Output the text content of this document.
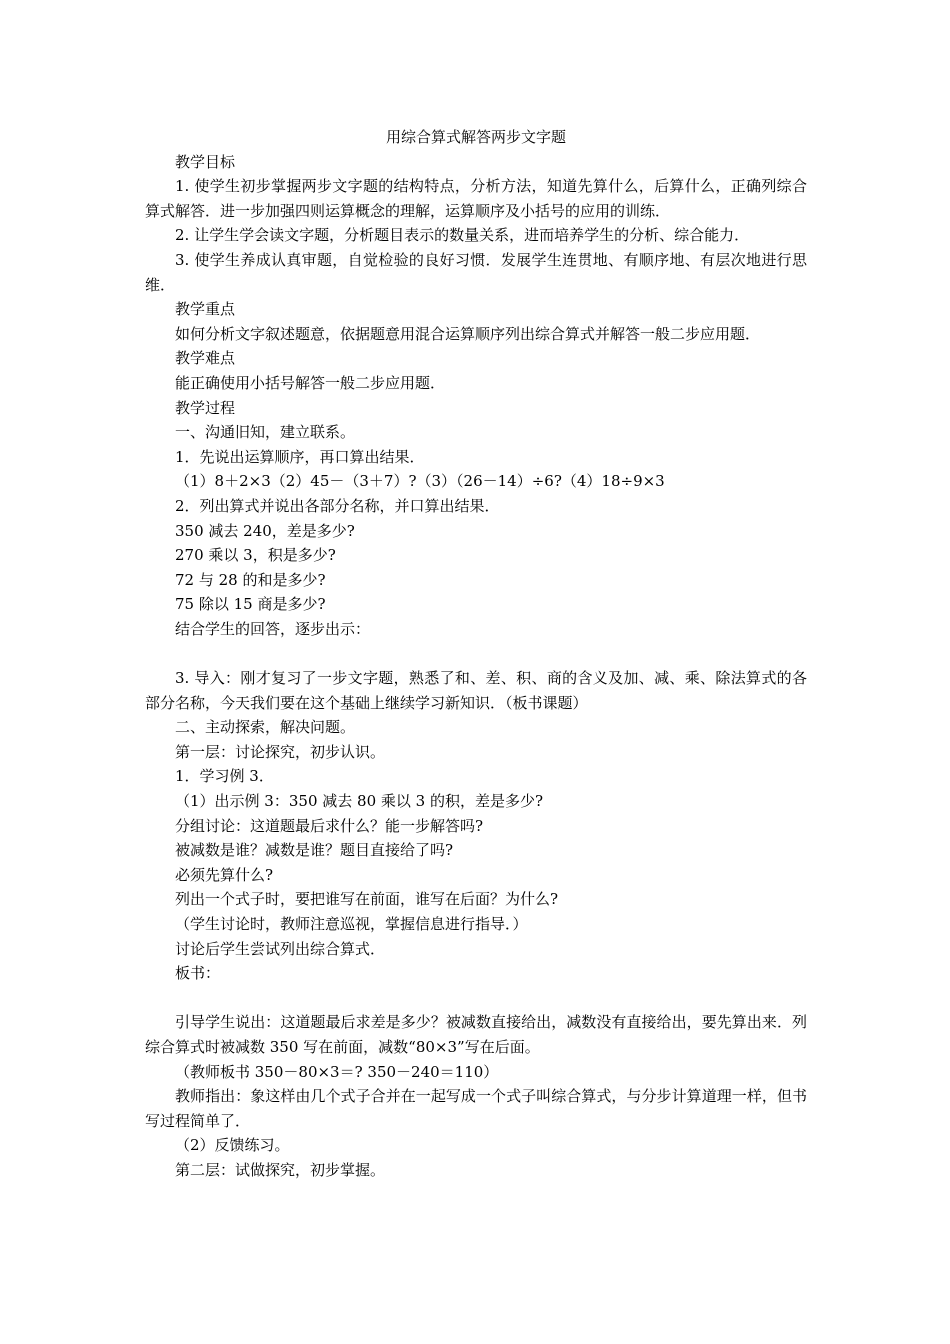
用综合算式解答两步文字题

教学目标

1. 使学生初步掌握两步文字题的结构特点，分析方法，知道先算什么，后算什么，正确列综合算式解答．进一步加强四则运算概念的理解，运算顺序及小括号的应用的训练．

2. 让学生学会读文字题，分析题目表示的数量关系，进而培养学生的分析、综合能力．

3. 使学生养成认真审题，自觉检验的良好习惯．发展学生连贯地、有顺序地、有层次地进行思维．

教学重点

如何分析文字叙述题意，依据题意用混合运算顺序列出综合算式并解答一般二步应用题．

教学难点

能正确使用小括号解答一般二步应用题．

教学过程

一、沟通旧知，建立联系。

1．先说出运算顺序，再口算出结果．

（1）8＋2×3（2）45－（3＋7）?（3）（26－14）÷6?（4）18÷9×3

2．列出算式并说出各部分名称，并口算出结果．

350 减去 240，差是多少?

270 乘以 3，积是多少?

72 与 28 的和是多少?

75 除以 15 商是多少?

结合学生的回答，逐步出示：

3. 导入：刚才复习了一步文字题，熟悉了和、差、积、商的含义及加、减、乘、除法算式的各部分名称，今天我们要在这个基础上继续学习新知识．（板书课题）

二、主动探索，解决问题。

第一层：讨论探究，初步认识。

1．学习例 3．

（1）出示例 3：350 减去 80 乘以 3 的积，差是多少?

分组讨论：这道题最后求什么？能一步解答吗?

被减数是谁？减数是谁？题目直接给了吗?

必须先算什么?

列出一个式子时，要把谁写在前面，谁写在后面？为什么?

（学生讨论时，教师注意巡视，掌握信息进行指导．）

讨论后学生尝试列出综合算式．

板书：

引导学生说出：这道题最后求差是多少？被减数直接给出，减数没有直接给出，要先算出来．列综合算式时被减数 350 写在前面，减数“80×3”写在后面。

（教师板书 350－80×3＝? 350－240＝110）

教师指出：象这样由几个式子合并在一起写成一个式子叫综合算式，与分步计算道理一样，但书写过程简单了．

（2）反馈练习。

第二层：试做探究，初步掌握。
